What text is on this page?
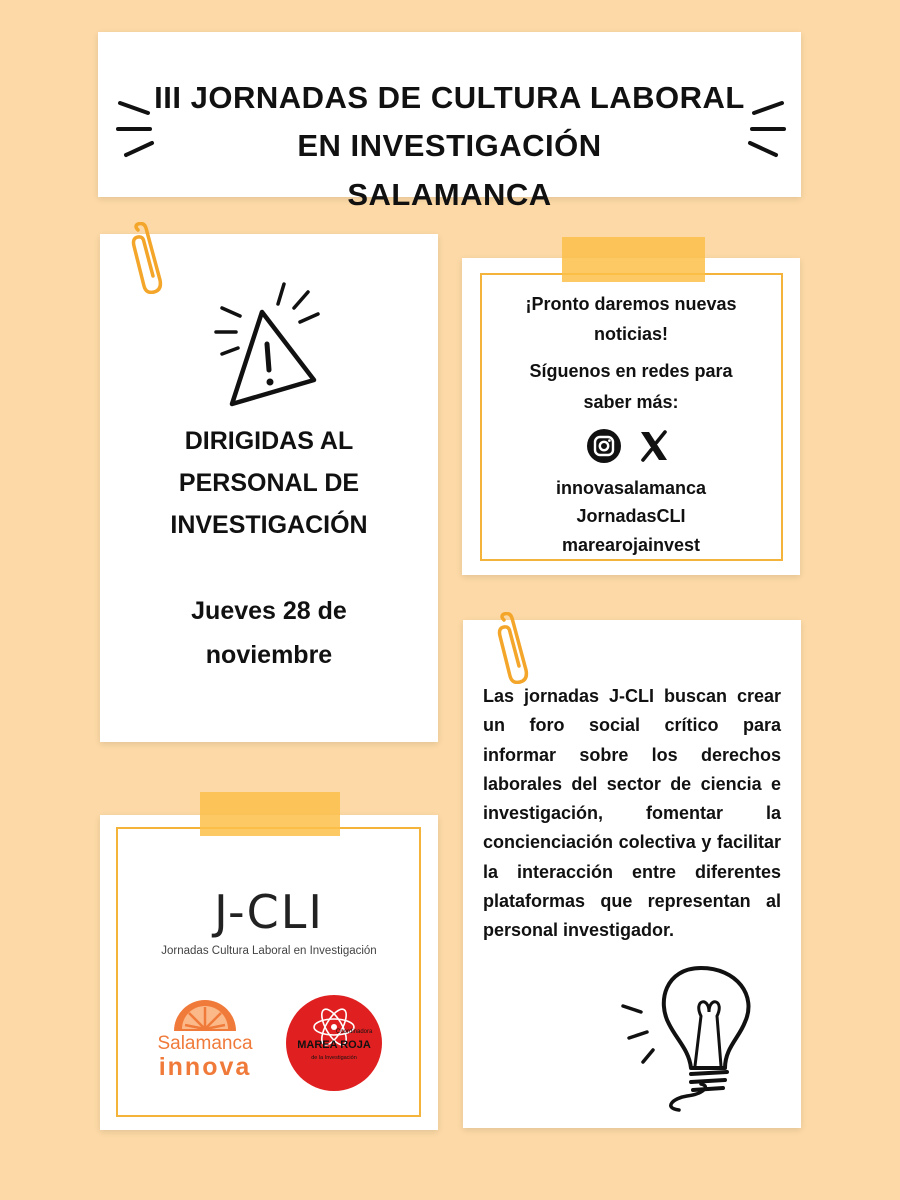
III JORNADAS DE CULTURA LABORAL
EN INVESTIGACIÓN
SALAMANCA
DIRIGIDAS AL
PERSONAL DE
INVESTIGACIÓN
Jueves 28 de
noviembre
¡Pronto daremos nuevas
noticias!
Síguenos en redes para
saber más:
innovasalamanca
JornadasCLI
marearojainvest
Las jornadas J-CLI buscan crear un foro social crítico para informar sobre los derechos laborales del sector de ciencia e investigación, fomentar la concienciación colectiva y facilitar la interacción entre diferentes plataformas que representan al personal investigador.
J-CLI
Jornadas Cultura Laboral en Investigación
Salamanca
innova
Coordinadora
MAREA ROJA
de la Investigación
